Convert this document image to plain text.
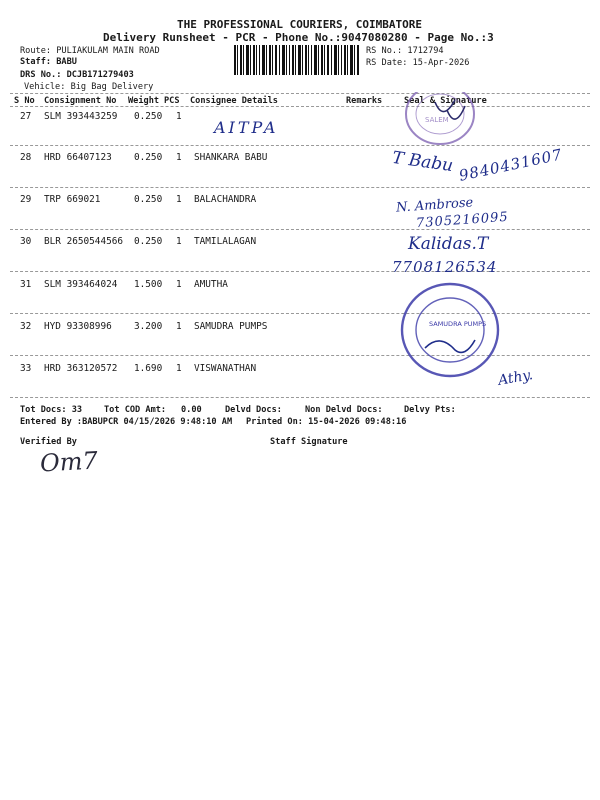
THE PROFESSIONAL COURIERS, COIMBATORE
Delivery Runsheet - PCR - Phone No.:9047080280 - Page No.:3
Route: PULIAKULAM MAIN ROAD
Staff: BABU
DRS No.: DCJB171279403
Vehicle: Big Bag Delivery
RS No.: 1712794
RS Date: 15-Apr-2026
S No Consignment No Weight PCS Consignee Details	Remarks	Seal & Signature
27 SLM 393443259 0.250 1
28 HRD 66407123 0.250 1 SHANKARA BABU
29 TRP 669021	0.250 1 BALACHANDRA
30 BLR 2650544566 0.250 1 TAMILALAGAN
31 SLM 393464024 1.500 1 AMUTHA
32 HYD 93308996 3.200 1 SAMUDRA PUMPS
33 HRD 363120572 1.690 1 VISWANATHAN
Tot Docs: 33	Tot COD Amt: 0.00	Delvd Docs:	Non Delvd Docs: Delvy Pts:
Entered By :BABUPCR 04/15/2026 9:48:10 AM Printed On: 15-04-2026 09:48:16
Verified By	Staff Signature
SALEM
AITPA
T Babu 9840431607
N. Ambrose
7305216095
Kalidas.T
7708126534
SAMUDRA PUMPS
Athy.
Om7
